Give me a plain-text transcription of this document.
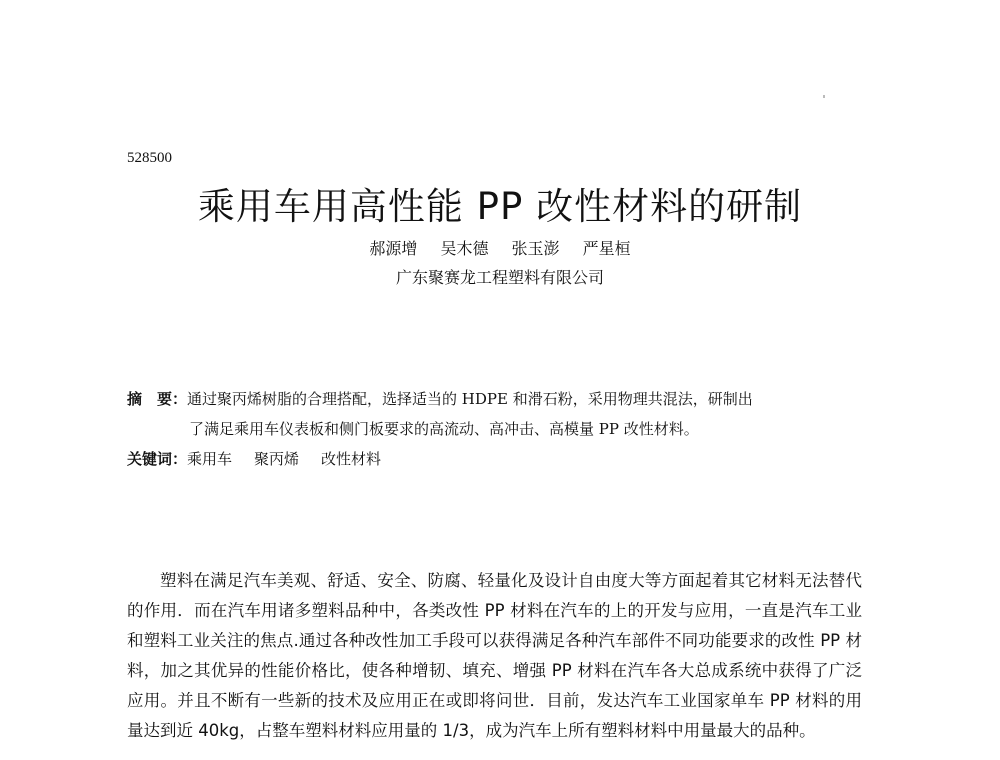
528500
乘用车用高性能 PP 改性材料的研制
郝源增 吴木德 张玉澎 严星桓
广东聚赛龙工程塑料有限公司
摘　要：通过聚丙烯树脂的合理搭配，选择适当的 HDPE 和滑石粉，采用物理共混法，研制出
了满足乘用车仪表板和侧门板要求的高流动、高冲击、高模量 PP 改性材料。
关键词：乘用车 聚丙烯 改性材料

塑料在满足汽车美观、舒适、安全、防腐、轻量化及设计自由度大等方面起着其它材料无法替代的作用．而在汽车用诸多塑料品种中，各类改性 PP 材料在汽车的上的开发与应用，一直是汽车工业和塑料工业关注的焦点.通过各种改性加工手段可以获得满足各种汽车部件不同功能要求的改性 PP 材料，加之其优异的性能价格比，使各种增韧、填充、增强 PP 材料在汽车各大总成系统中获得了广泛应用。并且不断有一些新的技术及应用正在或即将问世．目前，发达汽车工业国家单车 PP 材料的用量达到近 40kg，占整车塑料材料应用量的 1/3，成为汽车上所有塑料材料中用量最大的品种。
